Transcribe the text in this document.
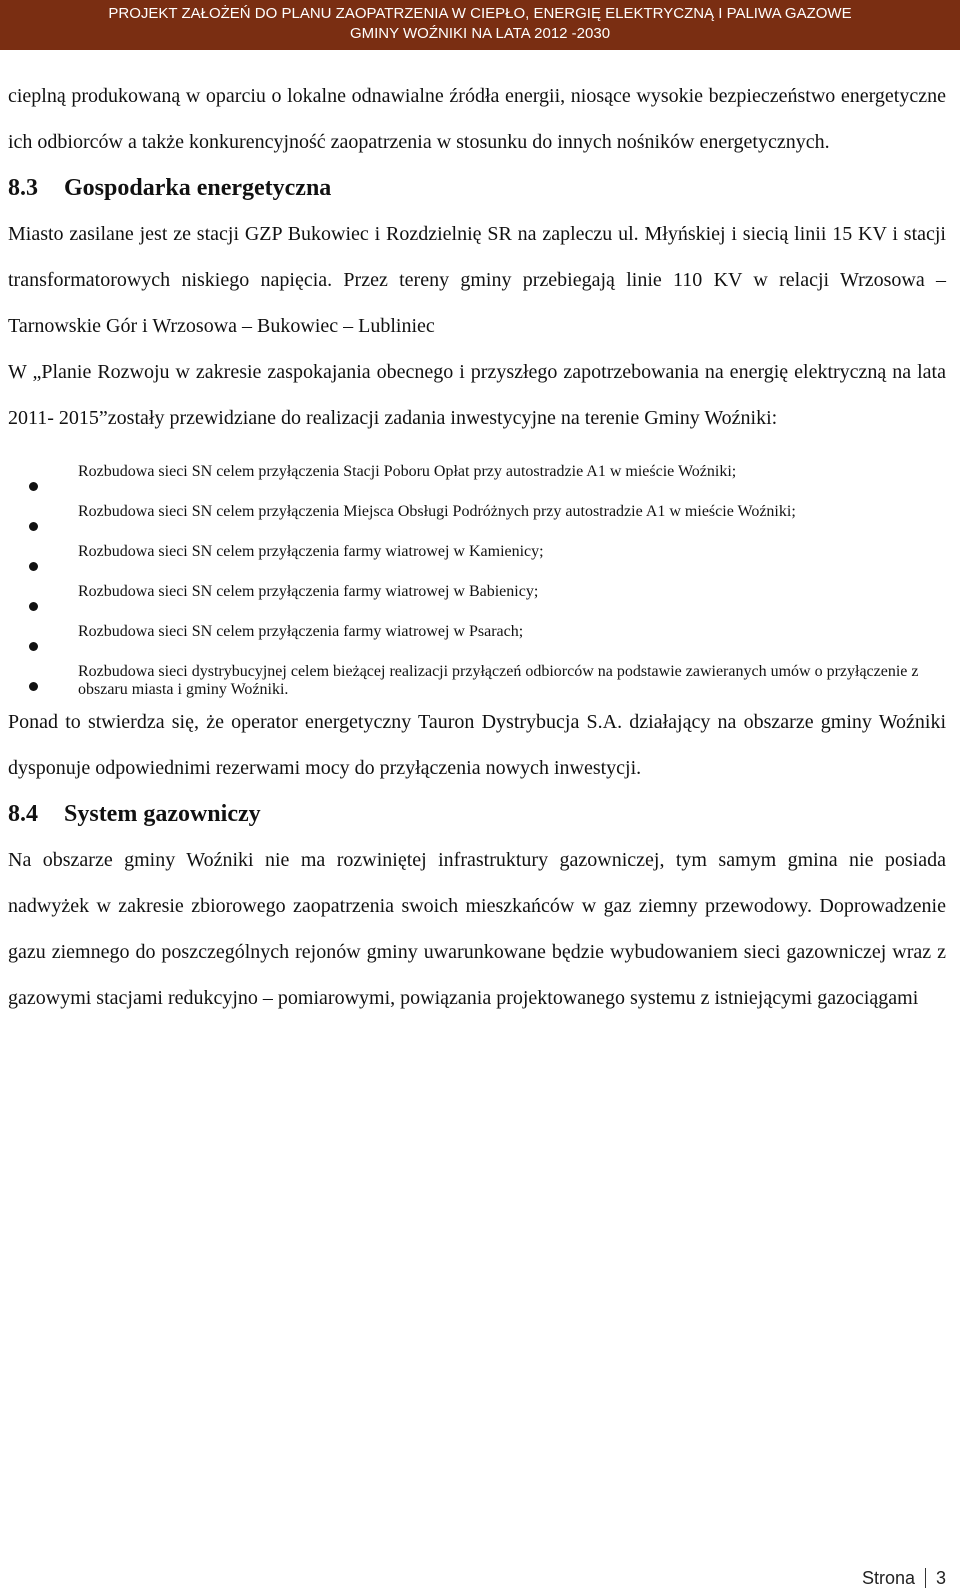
PROJEKT ZAŁOŻEŃ DO PLANU ZAOPATRZENIA W CIEPŁO, ENERGIĘ ELEKTRYCZNĄ I PALIWA GAZOWE
GMINY WOŹNIKI NA LATA 2012 -2030

cieplną produkowaną w oparciu o lokalne odnawialne źródła energii, niosące wysokie bezpieczeństwo energetyczne ich odbiorców a także konkurencyjność zaopatrzenia w stosunku do innych nośników energetycznych.

8.3 Gospodarka energetyczna

Miasto zasilane jest ze stacji GZP Bukowiec i Rozdzielnię SR na zapleczu ul. Młyńskiej i siecią linii 15 KV i stacji transformatorowych niskiego napięcia. Przez tereny gminy przebiegają linie 110 KV w relacji Wrzosowa – Tarnowskie Gór i Wrzosowa – Bukowiec – Lubliniec

W „Planie Rozwoju w zakresie zaspokajania obecnego i przyszłego zapotrzebowania na energię elektryczną na lata 2011- 2015”zostały przewidziane do realizacji zadania inwestycyjne na terenie Gminy Woźniki:

Rozbudowa sieci SN celem przyłączenia Stacji Poboru Opłat przy autostradzie A1 w mieście Woźniki;
Rozbudowa sieci SN celem przyłączenia Miejsca Obsługi Podróżnych przy autostradzie A1 w mieście Woźniki;
Rozbudowa sieci SN celem przyłączenia farmy wiatrowej w Kamienicy;
Rozbudowa sieci SN celem przyłączenia farmy wiatrowej w Babienicy;
Rozbudowa sieci SN celem przyłączenia farmy wiatrowej w Psarach;
Rozbudowa sieci dystrybucyjnej celem bieżącej realizacji przyłączeń odbiorców na podstawie zawieranych umów o przyłączenie z obszaru miasta i gminy Woźniki.

Ponad to stwierdza się, że operator energetyczny Tauron Dystrybucja S.A. działający na obszarze gminy Woźniki dysponuje odpowiednimi rezerwami mocy do przyłączenia nowych inwestycji.

8.4 System gazowniczy

Na obszarze gminy Woźniki nie ma rozwiniętej infrastruktury gazowniczej, tym samym gmina nie posiada nadwyżek w zakresie zbiorowego zaopatrzenia swoich mieszkańców w gaz ziemny przewodowy. Doprowadzenie gazu ziemnego do poszczególnych rejonów gminy uwarunkowane będzie wybudowaniem sieci gazowniczej wraz z gazowymi stacjami redukcyjno – pomiarowymi, powiązania projektowanego systemu z istniejącymi gazociągami

Strona 3
